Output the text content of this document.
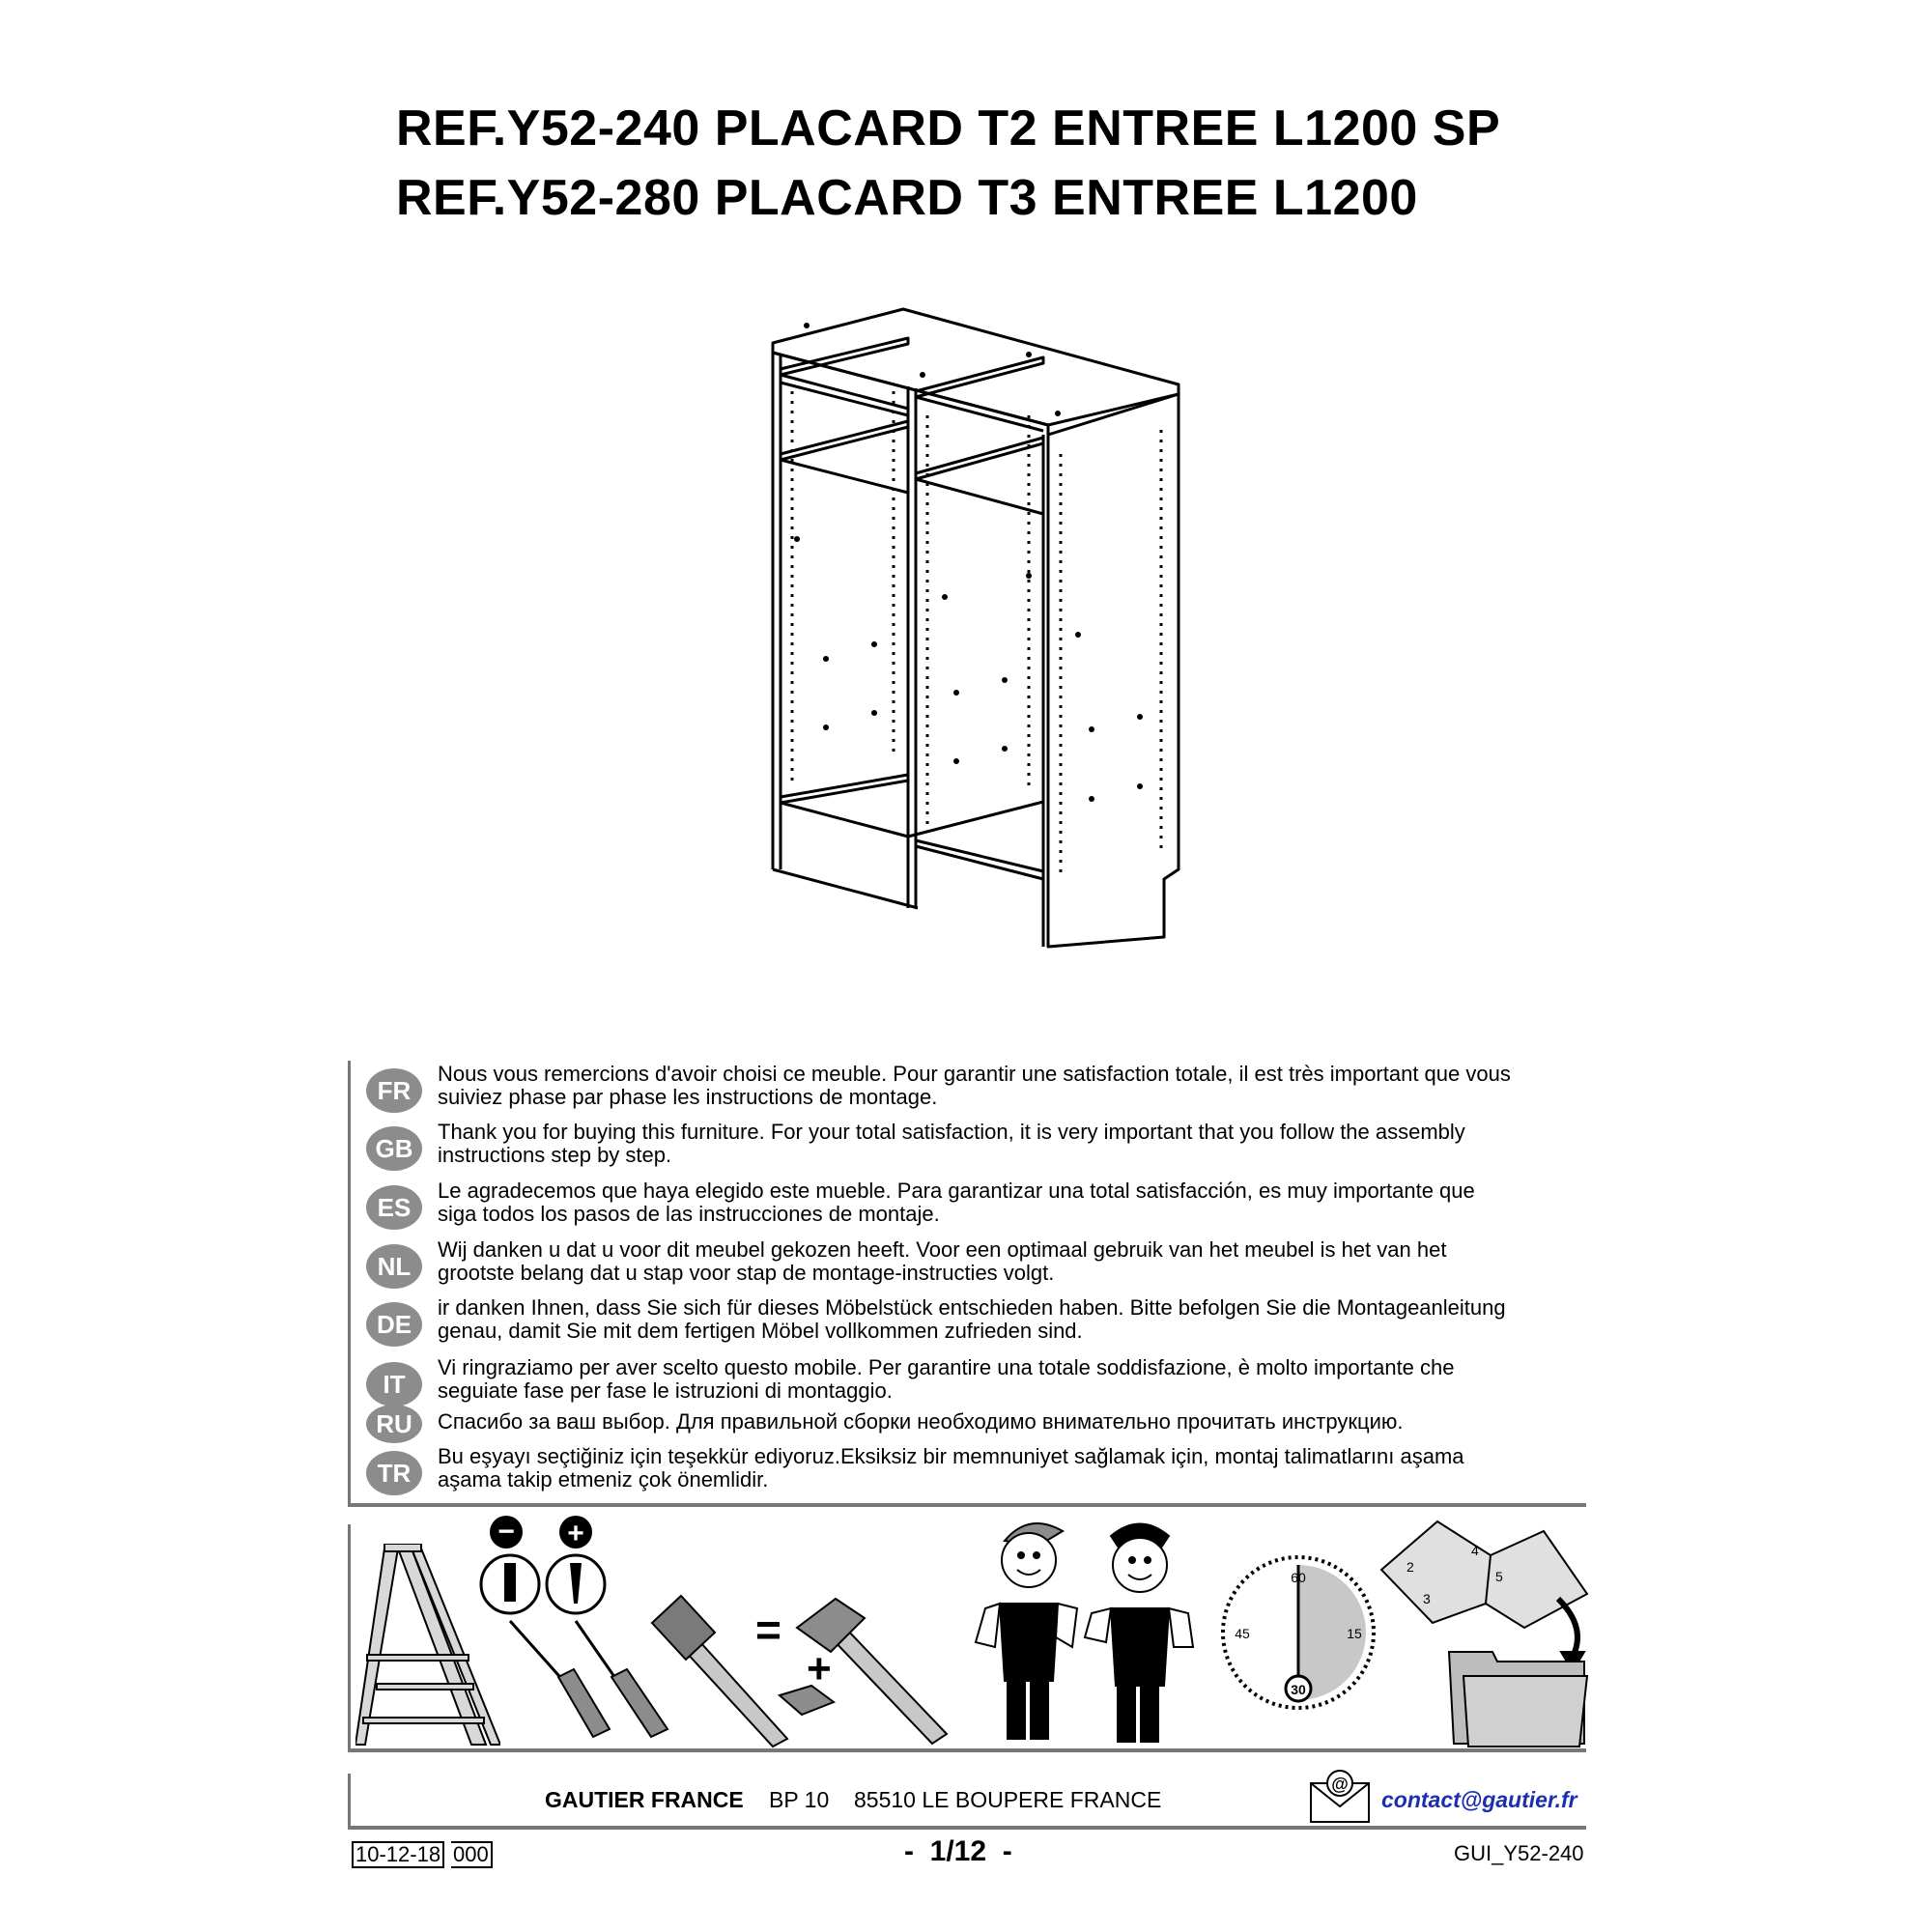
REF.Y52-240 PLACARD T2 ENTREE L1200 SP
REF.Y52-280 PLACARD T3 ENTREE L1200
FR
Nous vous remercions d'avoir choisi ce meuble. Pour garantir une satisfaction totale, il est très important que vous
suiviez phase par phase les instructions de montage.
GB
Thank you for buying this furniture. For your total satisfaction, it is very important that you follow the assembly
instructions step by step.
ES
Le agradecemos que haya elegido este mueble. Para garantizar una total satisfacción, es muy importante que
siga todos los pasos de las instrucciones de montaje.
NL
Wij danken u dat u voor dit meubel gekozen heeft. Voor een optimaal gebruik van het meubel is het van het
grootste belang dat u stap voor stap de montage-instructies volgt.
DE
ir danken Ihnen, dass Sie sich für dieses Möbelstück entschieden haben. Bitte befolgen Sie die Montageanleitung
genau, damit Sie mit dem fertigen Möbel vollkommen zufrieden sind.
IT
Vi ringraziamo per aver scelto questo mobile. Per garantire una totale soddisfazione, è molto importante che
seguiate fase per fase le istruzioni di montaggio.
RU	Спасибо за ваш выбор. Для правильной сборки необходимо внимательно прочитать инструкцию.
TR
Bu eşyayı seçtiğiniz için teşekkür ediyoruz.Eksiksiz bir memnuniyet sağlamak için, montaj talimatlarını aşama
aşama takip etmeniz çok önemlidir.
− +
=
+
60
15
30
45
2
3
4
5
GAUTIER FRANCE BP 10 85510 LE BOUPERE FRANCE
@
contact@gautier.fr
10-12-18 000	-  1/12  -	GUI_Y52-240
